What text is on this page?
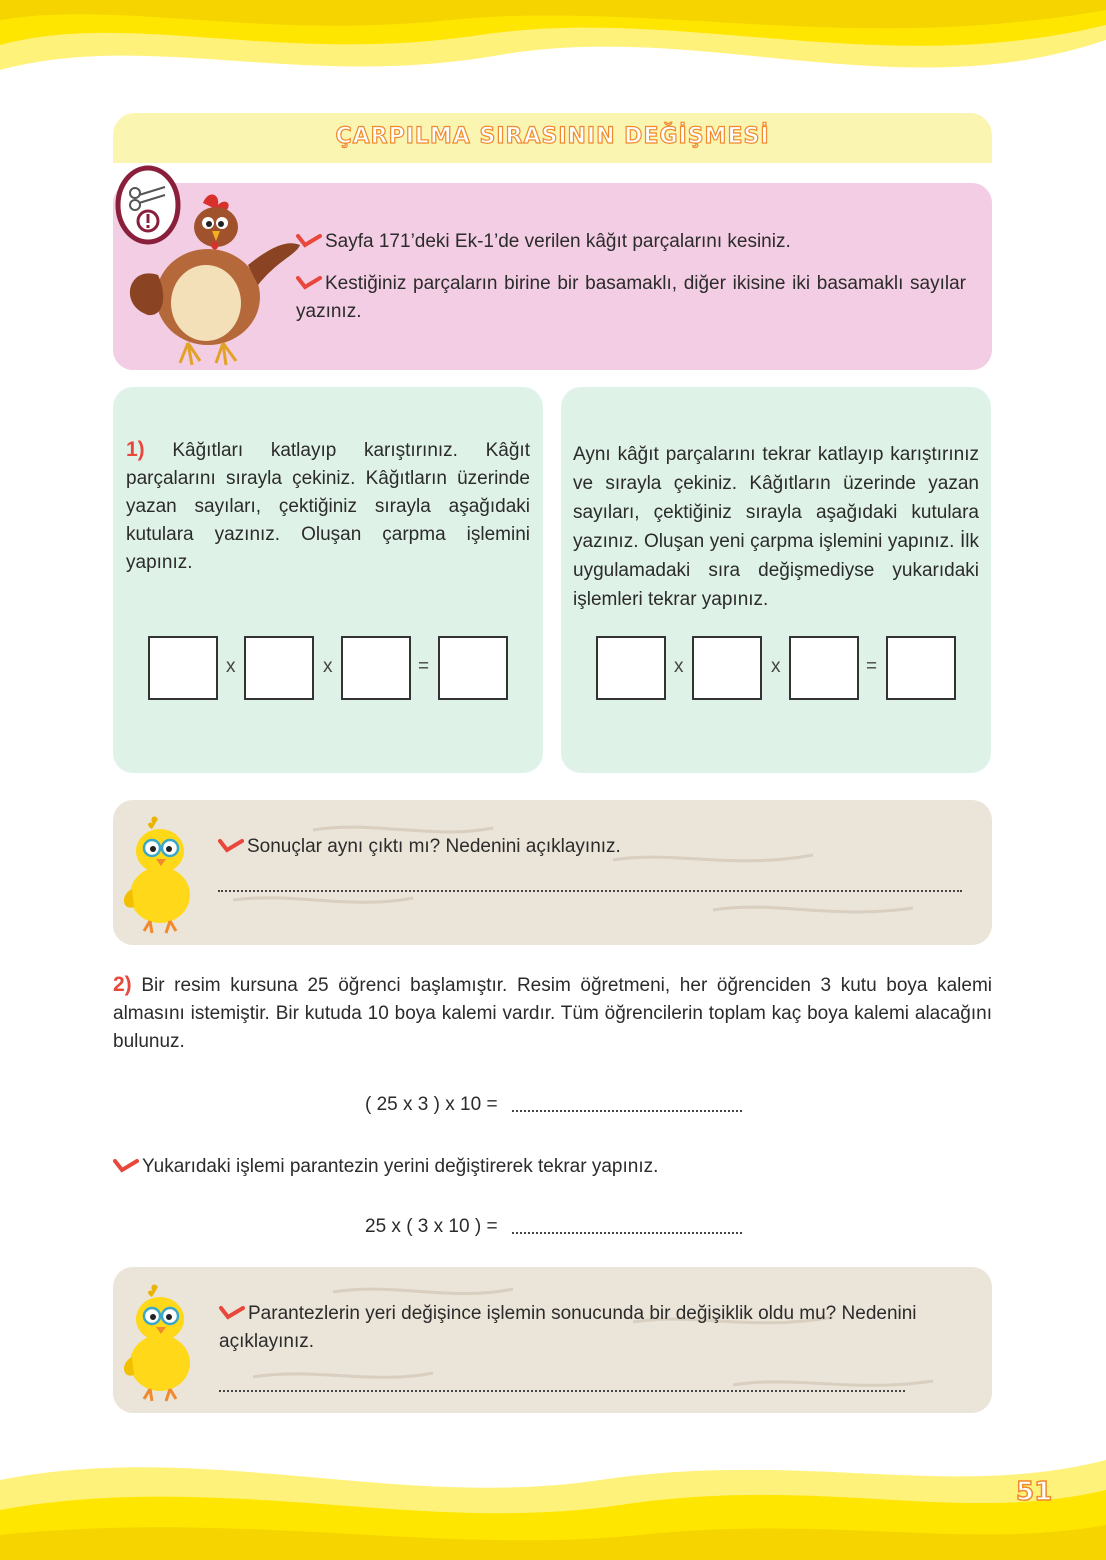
ÇARPILMA SIRASININ DEĞİŞMESİ
Sayfa 171’deki Ek-1’de verilen kâğıt parçalarını kesiniz.
Kestiğiniz parçaların birine bir basamaklı, diğer ikisine iki basamaklı sayılar yazınız.
1) Kâğıtları katlayıp karıştırınız. Kâğıt parçalarını sırayla çekiniz. Kâğıtların üzerinde yazan sayıları, çektiğiniz sırayla aşağıdaki kutulara yazınız. Oluşan çarpma işlemini yapınız.
Aynı kâğıt parçalarını tekrar katlayıp karıştırınız ve sırayla çekiniz. Kâğıtların üzerinde yazan sayıları, çektiğiniz sırayla aşağıdaki kutulara yazınız. Oluşan yeni çarpma işlemini yapınız. İlk uygulamadaki sıra değişmediyse yukarıdaki işlemleri tekrar yapınız.
x	x	=	x	x	=
Sonuçlar aynı çıktı mı? Nedenini açıklayınız.
2) Bir resim kursuna 25 öğrenci başlamıştır. Resim öğretmeni, her öğrenciden 3 kutu boya kalemi almasını istemiştir. Bir kutuda 10 boya kalemi vardır. Tüm öğrencilerin toplam kaç boya kalemi alacağını bulunuz.
( 25 x 3 ) x 10 =
Yukarıdaki işlemi parantezin yerini değiştirerek tekrar yapınız.
25 x ( 3 x 10 ) =
Parantezlerin yeri değişince işlemin sonucunda bir değişiklik oldu mu? Nedenini açıklayınız.
51
